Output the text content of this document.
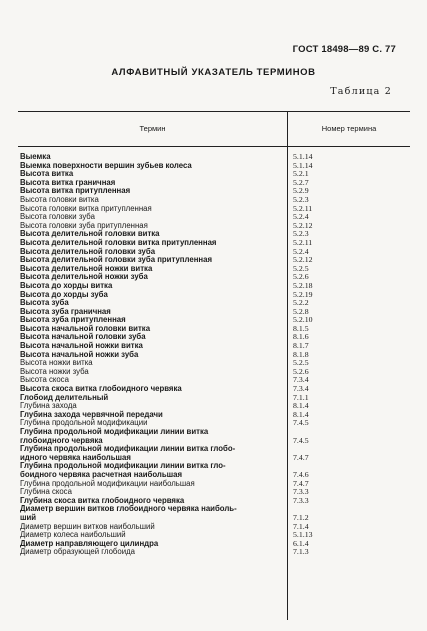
ГОСТ 18498—89 С. 77
АЛФАВИТНЫЙ УКАЗАТЕЛЬ ТЕРМИНОВ
Таблица 2
Термин	Номер термина
Выемка	5.1.14
Выемка поверхности вершин зубьев колеса	5.1.14
Высота витка	5.2.1
Высота витка граничная	5.2.7
Высота витка притупленная	5.2.9
Высота головки витка	5.2.3
Высота головки витка притупленная	5.2.11
Высота головки зуба	5.2.4
Высота головки зуба притупленная	5.2.12
Высота делительной головки витка	5.2.3
Высота делительной головки витка притупленная	5.2.11
Высота делительной головки зуба	5.2.4
Высота делительной головки зуба притупленная	5.2.12
Высота делительной ножки витка	5.2.5
Высота делительной ножки зуба	5.2.6
Высота до хорды витка	5.2.18
Высота до хорды зуба	5.2.19
Высота зуба	5.2.2
Высота зуба граничная	5.2.8
Высота зуба притупленная	5.2.10
Высота начальной головки витка	8.1.5
Высота начальной головки зуба	8.1.6
Высота начальной ножки витка	8.1.7
Высота начальной ножки зуба	8.1.8
Высота ножки витка	5.2.5
Высота ножки зуба	5.2.6
Высота скоса	7.3.4
Высота скоса витка глобоидного червяка	7.3.4
Глобоид делительный	7.1.1
Глубина захода	8.1.4
Глубина захода червячной передачи	8.1.4
Глубина продольной модификации	7.4.5
Глубина продольной модификации линии витка
глобоидного червяка	7.4.5
Глубина продольной модификации линии витка глобо-
идного червяка наибольшая	7.4.7
Глубина продольной модификации линии витка гло-
боидного червяка расчетная наибольшая	7.4.6
Глубина продольной модификации наибольшая	7.4.7
Глубина скоса	7.3.3
Глубина скоса витка глобоидного червяка	7.3.3
Диаметр вершин витков глобоидного червяка наиболь-
ший	7.1.2
Диаметр вершин витков наибольший	7.1.4
Диаметр колеса наибольший	5.1.13
Диаметр направляющего цилиндра	6.1.4
Диаметр образующей глобоида	7.1.3
